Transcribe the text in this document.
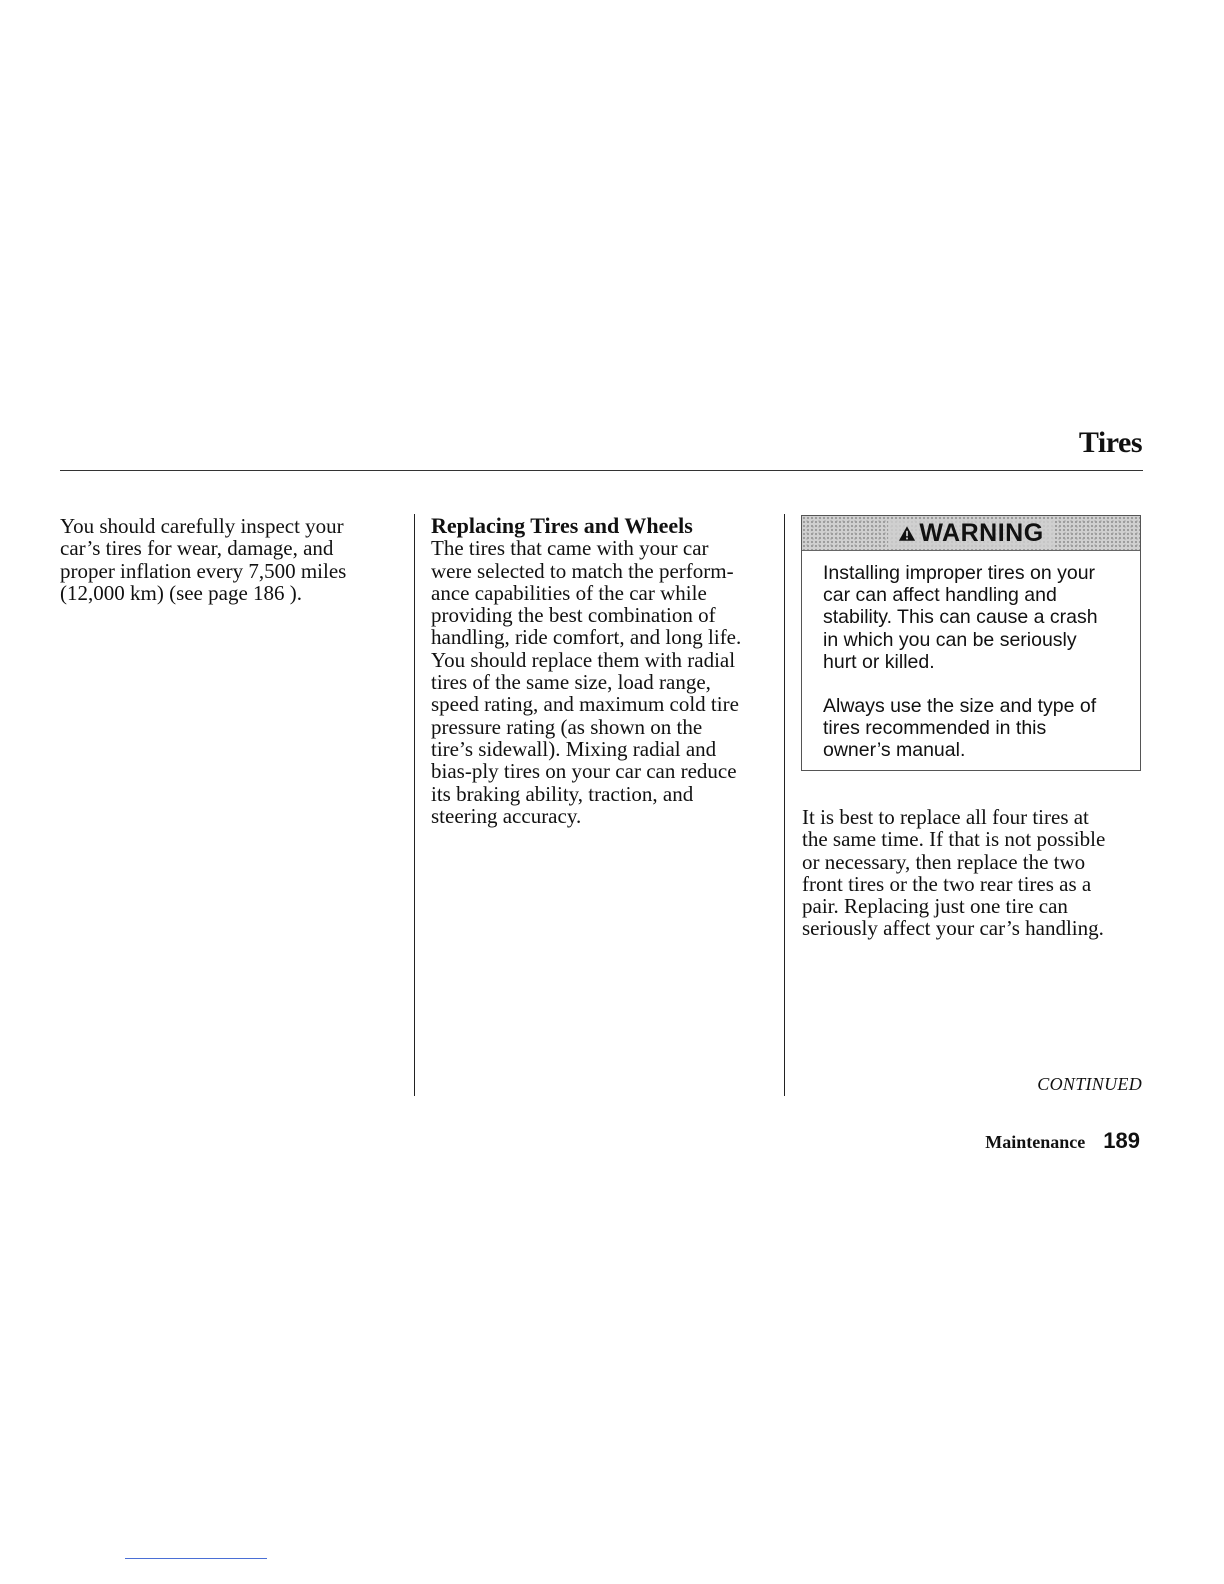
Tires

You should carefully inspect your
car’s tires for wear, damage, and
proper inflation every 7,500 miles
(12,000 km) (see page 186 ).

Replacing Tires and Wheels
The tires that came with your car
were selected to match the perform-
ance capabilities of the car while
providing the best combination of
handling, ride comfort, and long life.
You should replace them with radial
tires of the same size, load range,
speed rating, and maximum cold tire
pressure rating (as shown on the
tire’s sidewall). Mixing radial and
bias-ply tires on your car can reduce
its braking ability, traction, and
steering accuracy.

WARNING

Installing improper tires on your
car can affect handling and
stability. This can cause a crash
in which you can be seriously
hurt or killed.

Always use the size and type of
tires recommended in this
owner’s manual.

It is best to replace all four tires at
the same time. If that is not possible
or necessary, then replace the two
front tires or the two rear tires as a
pair. Replacing just one tire can
seriously affect your car’s handling.

CONTINUED
Maintenance 189
